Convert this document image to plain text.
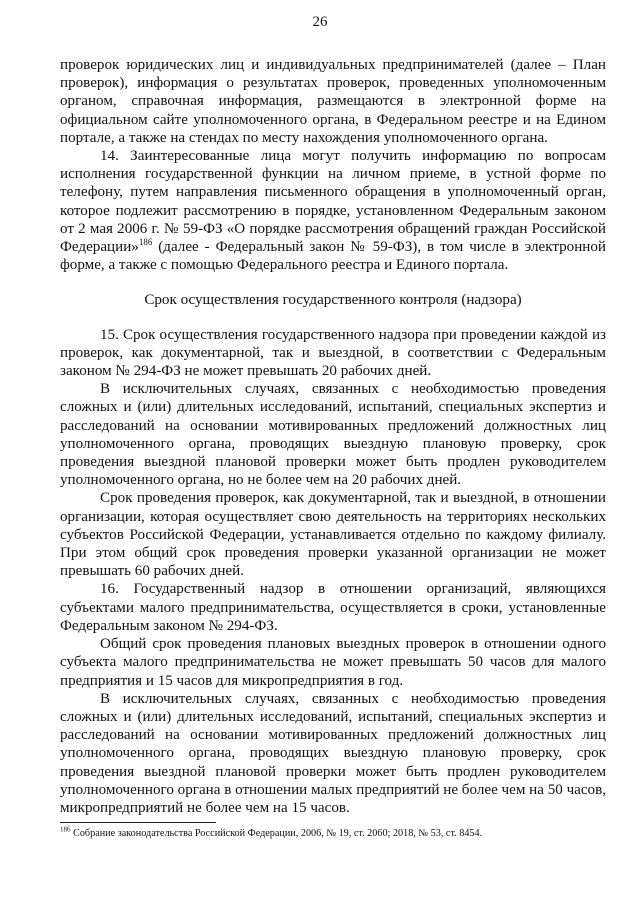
26

проверок юридических лиц и индивидуальных предпринимателей (далее – План проверок), информация о результатах проверок, проведенных уполномоченным органом, справочная информация, размещаются в электронной форме на официальном сайте уполномоченного органа, в Федеральном реестре и на Едином портале, а также на стендах по месту нахождения уполномоченного органа.

14. Заинтересованные лица могут получить информацию по вопросам исполнения государственной функции на личном приеме, в устной форме по телефону, путем направления письменного обращения в уполномоченный орган, которое подлежит рассмотрению в порядке, установленном Федеральным законом от 2 мая 2006 г. № 59-ФЗ «О порядке рассмотрения обращений граждан Российской Федерации»$^{186}$ (далее - Федеральный закон № 59-ФЗ), в том числе в электронной форме, а также с помощью Федерального реестра и Единого портала.

Срок осуществления государственного контроля (надзора)

15. Срок осуществления государственного надзора при проведении каждой из проверок, как документарной, так и выездной, в соответствии с Федеральным законом № 294-ФЗ не может превышать 20 рабочих дней.

В исключительных случаях, связанных с необходимостью проведения сложных и (или) длительных исследований, испытаний, специальных экспертиз и расследований на основании мотивированных предложений должностных лиц уполномоченного органа, проводящих выездную плановую проверку, срок проведения выездной плановой проверки может быть продлен руководителем уполномоченного органа, но не более чем на 20 рабочих дней.

Срок проведения проверок, как документарной, так и выездной, в отношении организации, которая осуществляет свою деятельность на территориях нескольких субъектов Российской Федерации, устанавливается отдельно по каждому филиалу. При этом общий срок проведения проверки указанной организации не может превышать 60 рабочих дней.

16. Государственный надзор в отношении организаций, являющихся субъектами малого предпринимательства, осуществляется в сроки, установленные Федеральным законом № 294-ФЗ.

Общий срок проведения плановых выездных проверок в отношении одного субъекта малого предпринимательства не может превышать 50 часов для малого предприятия и 15 часов для микропредприятия в год.

В исключительных случаях, связанных с необходимостью проведения сложных и (или) длительных исследований, испытаний, специальных экспертиз и расследований на основании мотивированных предложений должностных лиц уполномоченного органа, проводящих выездную плановую проверку, срок проведения выездной плановой проверки может быть продлен руководителем уполномоченного органа в отношении малых предприятий не более чем на 50 часов, микропредприятий не более чем на 15 часов.

$^{186}$ Собрание законодательства Российской Федерации, 2006, № 19, ст. 2060; 2018, № 53, ст. 8454.
